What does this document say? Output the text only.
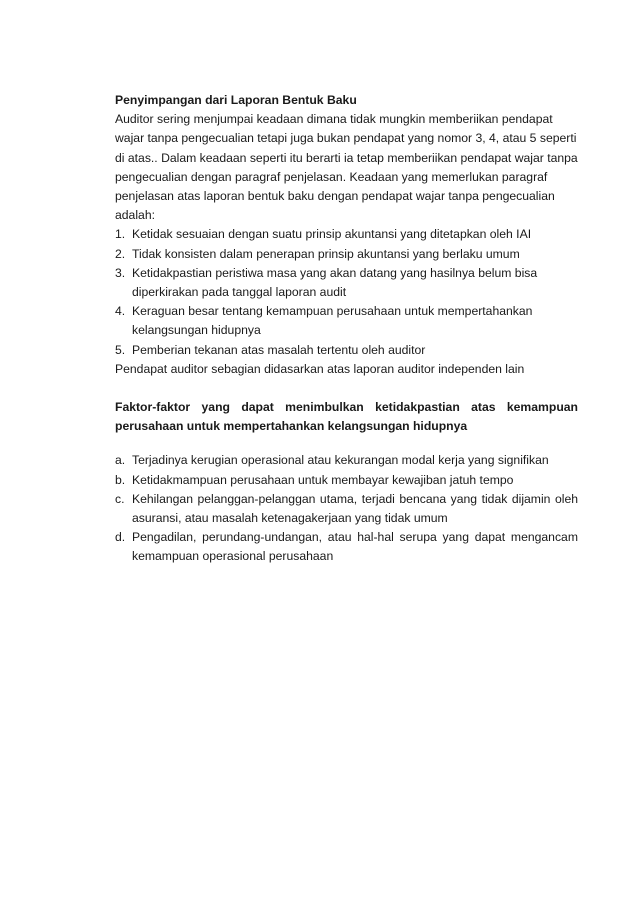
Penyimpangan dari Laporan Bentuk Baku
Auditor sering menjumpai keadaan dimana tidak mungkin memberiikan pendapat wajar tanpa pengecualian tetapi juga bukan pendapat yang nomor 3, 4, atau 5 seperti di atas.. Dalam keadaan seperti itu berarti ia tetap memberiikan pendapat wajar tanpa pengecualian dengan paragraf penjelasan. Keadaan yang memerlukan paragraf penjelasan atas laporan bentuk baku dengan pendapat wajar tanpa pengecualian adalah:
1. Ketidak sesuaian dengan suatu prinsip akuntansi yang ditetapkan oleh IAI
2. Tidak konsisten dalam penerapan prinsip akuntansi yang berlaku umum
3. Ketidakpastian peristiwa masa yang akan datang yang hasilnya belum bisa diperkirakan pada tanggal laporan audit
4. Keraguan besar tentang kemampuan perusahaan untuk mempertahankan kelangsungan hidupnya
5. Pemberian tekanan atas masalah tertentu oleh auditor
Pendapat auditor sebagian didasarkan atas laporan auditor independen lain
Faktor-faktor yang dapat menimbulkan ketidakpastian atas kemampuan perusahaan untuk mempertahankan kelangsungan hidupnya
a. Terjadinya kerugian operasional atau kekurangan modal kerja yang signifikan
b. Ketidakmampuan perusahaan untuk membayar kewajiban jatuh tempo
c. Kehilangan pelanggan-pelanggan utama, terjadi bencana yang tidak dijamin oleh asuransi, atau masalah ketenagakerjaan yang tidak umum
d. Pengadilan, perundang-undangan, atau hal-hal serupa yang dapat mengancam kemampuan operasional perusahaan
